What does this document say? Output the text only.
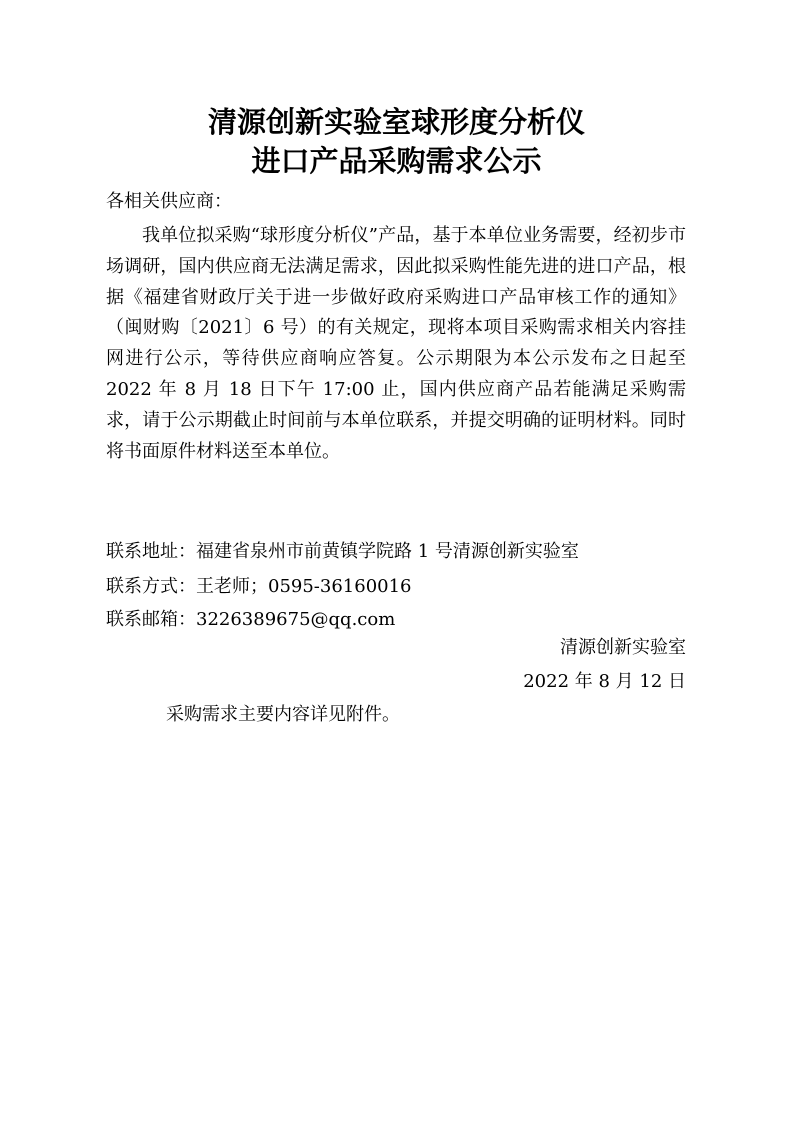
清源创新实验室球形度分析仪
进口产品采购需求公示

各相关供应商：

我单位拟采购“球形度分析仪”产品，基于本单位业务需要，经初步市场调研，国内供应商无法满足需求，因此拟采购性能先进的进口产品，根据《福建省财政厅关于进一步做好政府采购进口产品审核工作的通知》（闽财购〔2021〕6 号）的有关规定，现将本项目采购需求相关内容挂网进行公示，等待供应商响应答复。公示期限为本公示发布之日起至 2022 年 8 月 18 日下午 17:00 止，国内供应商产品若能满足采购需求，请于公示期截止时间前与本单位联系，并提交明确的证明材料。同时将书面原件材料送至本单位。

联系地址：福建省泉州市前黄镇学院路 1 号清源创新实验室

联系方式：王老师；0595-36160016

联系邮箱：3226389675@qq.com

清源创新实验室

2022 年 8 月 12 日

采购需求主要内容详见附件。
